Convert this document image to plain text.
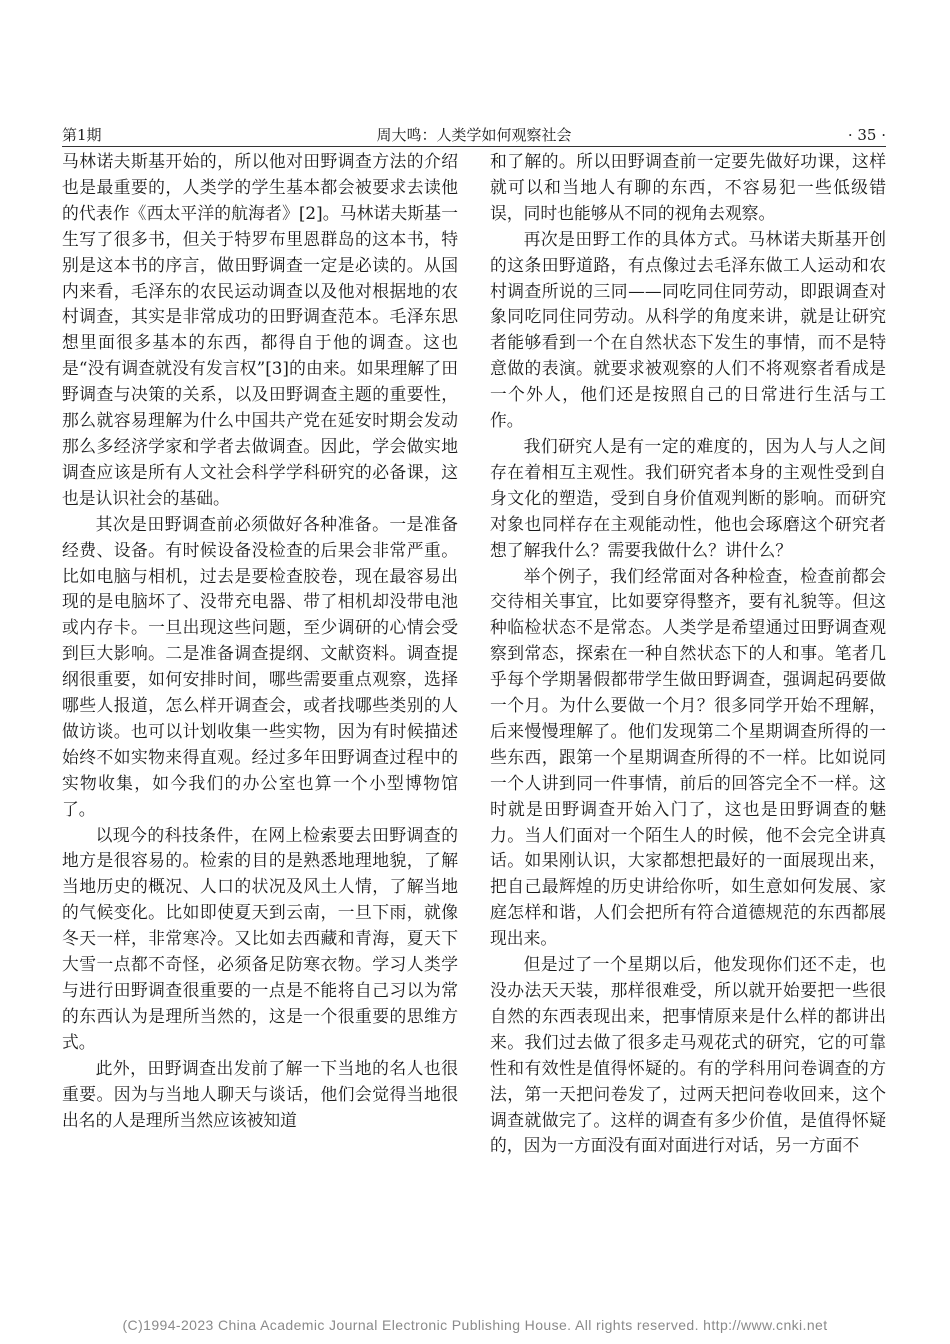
第1期	周大鸣：人类学如何观察社会	· 35 ·

马林诺夫斯基开始的，所以他对田野调查方法的介绍也是最重要的，人类学的学生基本都会被要求去读他的代表作《西太平洋的航海者》[2]。马林诺夫斯基一生写了很多书，但关于特罗布里恩群岛的这本书，特别是这本书的序言，做田野调查一定是必读的。从国内来看，毛泽东的农民运动调查以及他对根据地的农村调查，其实是非常成功的田野调查范本。毛泽东思想里面很多基本的东西，都得自于他的调查。这也是“没有调查就没有发言权”[3]的由来。如果理解了田野调查与决策的关系，以及田野调查主题的重要性，那么就容易理解为什么中国共产党在延安时期会发动那么多经济学家和学者去做调查。因此，学会做实地调查应该是所有人文社会科学学科研究的必备课，这也是认识社会的基础。

其次是田野调查前必须做好各种准备。一是准备经费、设备。有时候设备没检查的后果会非常严重。比如电脑与相机，过去是要检查胶卷，现在最容易出现的是电脑坏了、没带充电器、带了相机却没带电池或内存卡。一旦出现这些问题，至少调研的心情会受到巨大影响。二是准备调查提纲、文献资料。调查提纲很重要，如何安排时间，哪些需要重点观察，选择哪些人报道，怎么样开调查会，或者找哪些类别的人做访谈。也可以计划收集一些实物，因为有时候描述始终不如实物来得直观。经过多年田野调查过程中的实物收集，如今我们的办公室也算一个小型博物馆了。

以现今的科技条件，在网上检索要去田野调查的地方是很容易的。检索的目的是熟悉地理地貌，了解当地历史的概况、人口的状况及风土人情，了解当地的气候变化。比如即使夏天到云南，一旦下雨，就像冬天一样，非常寒冷。又比如去西藏和青海，夏天下大雪一点都不奇怪，必须备足防寒衣物。学习人类学与进行田野调查很重要的一点是不能将自己习以为常的东西认为是理所当然的，这是一个很重要的思维方式。

此外，田野调查出发前了解一下当地的名人也很重要。因为与当地人聊天与谈话，他们会觉得当地很出名的人是理所当然应该被知道

和了解的。所以田野调查前一定要先做好功课，这样就可以和当地人有聊的东西，不容易犯一些低级错误，同时也能够从不同的视角去观察。

再次是田野工作的具体方式。马林诺夫斯基开创的这条田野道路，有点像过去毛泽东做工人运动和农村调查所说的三同——同吃同住同劳动，即跟调查对象同吃同住同劳动。从科学的角度来讲，就是让研究者能够看到一个在自然状态下发生的事情，而不是特意做的表演。就要求被观察的人们不将观察者看成是一个外人，他们还是按照自己的日常进行生活与工作。

我们研究人是有一定的难度的，因为人与人之间存在着相互主观性。我们研究者本身的主观性受到自身文化的塑造，受到自身价值观判断的影响。而研究对象也同样存在主观能动性，他也会琢磨这个研究者想了解我什么？需要我做什么？讲什么？

举个例子，我们经常面对各种检查，检查前都会交待相关事宜，比如要穿得整齐，要有礼貌等。但这种临检状态不是常态。人类学是希望通过田野调查观察到常态，探索在一种自然状态下的人和事。笔者几乎每个学期暑假都带学生做田野调查，强调起码要做一个月。为什么要做一个月？很多同学开始不理解，后来慢慢理解了。他们发现第二个星期调查所得的一些东西，跟第一个星期调查所得的不一样。比如说同一个人讲到同一件事情，前后的回答完全不一样。这时就是田野调查开始入门了，这也是田野调查的魅力。当人们面对一个陌生人的时候，他不会完全讲真话。如果刚认识，大家都想把最好的一面展现出来，把自己最辉煌的历史讲给你听，如生意如何发展、家庭怎样和谐，人们会把所有符合道德规范的东西都展现出来。

但是过了一个星期以后，他发现你们还不走，也没办法天天装，那样很难受，所以就开始要把一些很自然的东西表现出来，把事情原来是什么样的都讲出来。我们过去做了很多走马观花式的研究，它的可靠性和有效性是值得怀疑的。有的学科用问卷调查的方法，第一天把问卷发了，过两天把问卷收回来，这个调查就做完了。这样的调查有多少价值，是值得怀疑的，因为一方面没有面对面进行对话，另一方面不

(C)1994-2023 China Academic Journal Electronic Publishing House. All rights reserved. http://www.cnki.net
